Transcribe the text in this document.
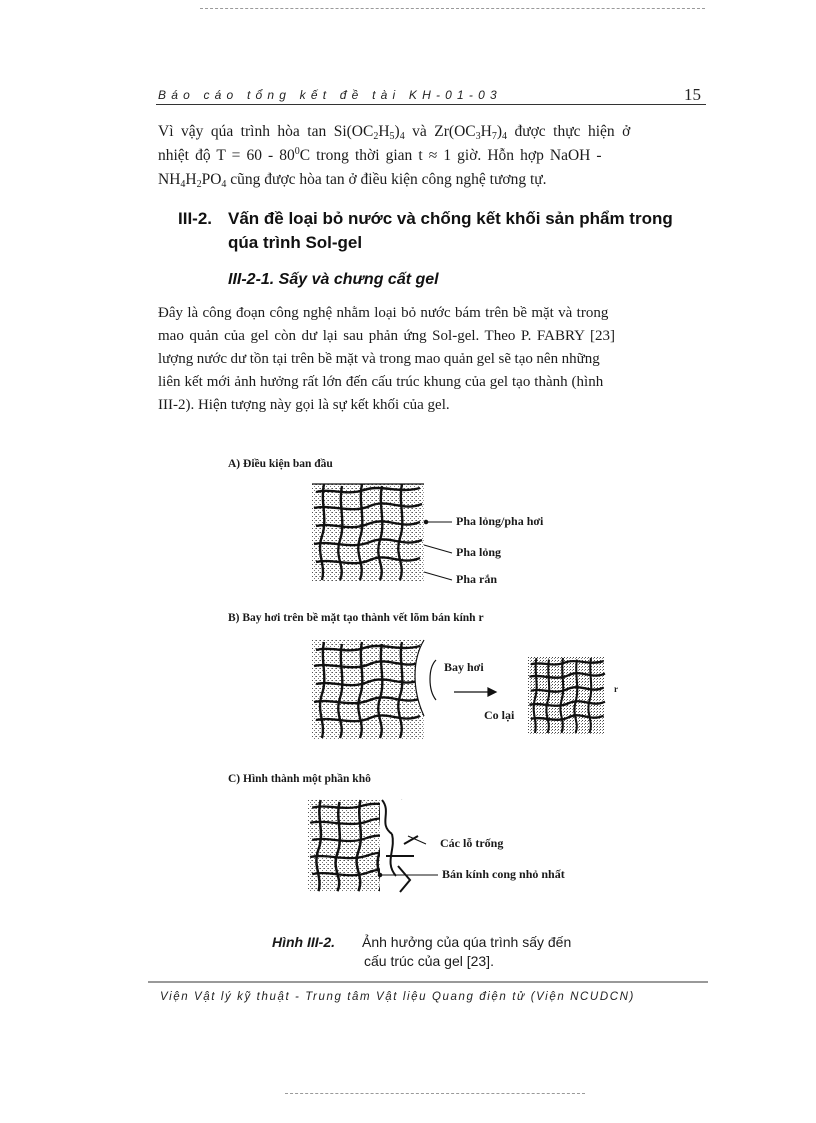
Báo cáo tổng kết đề tài KH-01-03	15
Vì vậy qúa trình hòa $\tan Si(OC_2H_5)_4$ và $Zr(OC_3H_7)_4$ được thực hiện ở
nhiệt độ $T = 60 - 80^0C$ trong thời gian t ≈ 1 giờ. Hỗn hợp NaOH -
$NH_4H_2PO_4$ cũng được hòa tan ở điều kiện công nghệ tương tự.
III-2. Vấn đề loại bỏ nước và chống kết khối sản phẩm trong
qúa trình Sol-gel
III-2-1. Sấy và chưng cất gel
Đây là công đoạn công nghệ nhằm loại bỏ nước bám trên bề mặt và trong
mao quản của gel còn dư lại sau phản ứng Sol-gel. Theo P. FABRY [23]
lượng nước dư tồn tại trên bề mặt và trong mao quản gel sẽ tạo nên những
liên kết mới ảnh hưởng rất lớn đến cấu trúc khung của gel tạo thành (hình
III-2). Hiện tượng này gọi là sự kết khối của gel.
A) Điều kiện ban đầu
Pha lỏng/pha hơi
Pha lỏng
Pha rắn
B) Bay hơi trên bề mặt tạo thành vết lõm bán kính r
Bay hơi
Co lại
r
C) Hình thành một phần khô
Các lỗ trống
Bán kính cong nhỏ nhất
Hình III-2. Ảnh hưởng của qúa trình sấy đến
cấu trúc của gel [23].
Viện Vật lý kỹ thuật - Trung tâm Vật liệu Quang điện tử (Viện NCUDCN)
